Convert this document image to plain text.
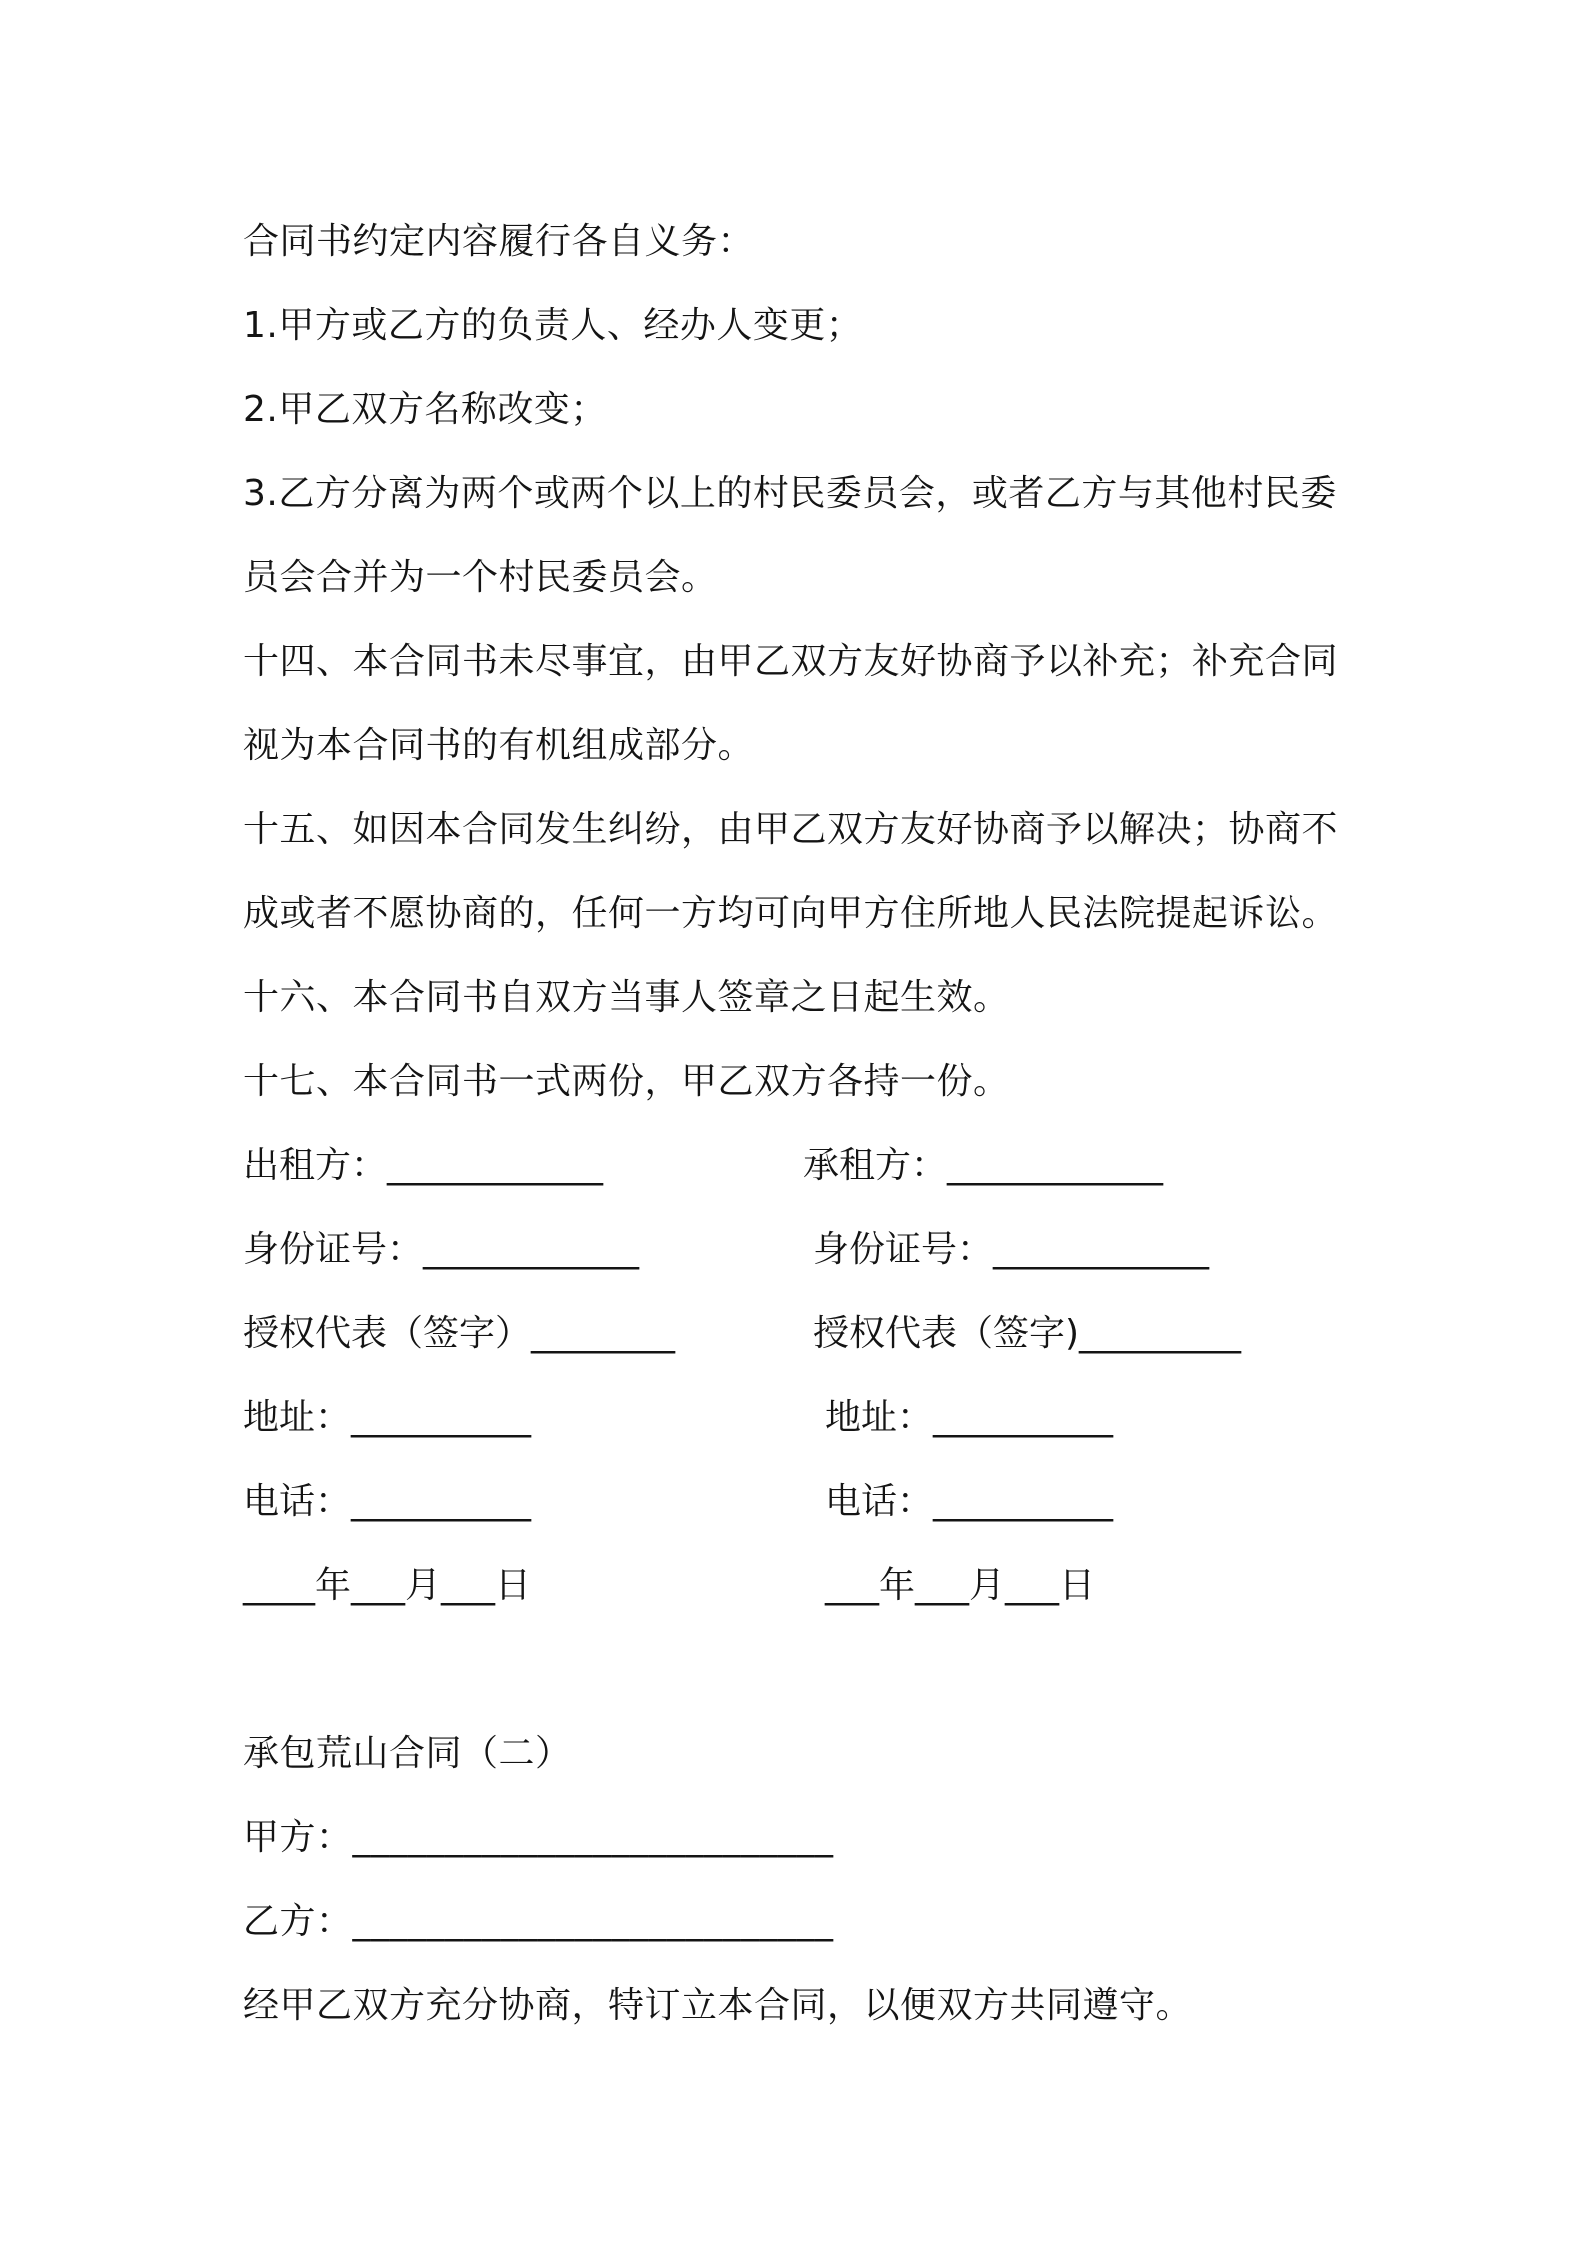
合同书约定内容履行各自义务：
1.甲方或乙方的负责人、经办人变更；
2.甲乙双方名称改变；
3.乙方分离为两个或两个以上的村民委员会，或者乙方与其他村民委
员会合并为一个村民委员会。
十四、本合同书未尽事宜，由甲乙双方友好协商予以补充；补充合同
视为本合同书的有机组成部分。
十五、如因本合同发生纠纷，由甲乙双方友好协商予以解决；协商不
成或者不愿协商的，任何一方均可向甲方住所地人民法院提起诉讼。
十六、本合同书自双方当事人签章之日起生效。
十七、本合同书一式两份，甲乙双方各持一份。
出租方：____________	承租方：____________
身份证号：____________	身份证号：____________
授权代表（签字）________	授权代表（签字)_________
地址：__________	地址：__________
电话：__________	电话：__________
____年___月___日	___年___月___日
承包荒山合同（二）
甲方：__________________________
乙方：__________________________
经甲乙双方充分协商，特订立本合同，以便双方共同遵守。
